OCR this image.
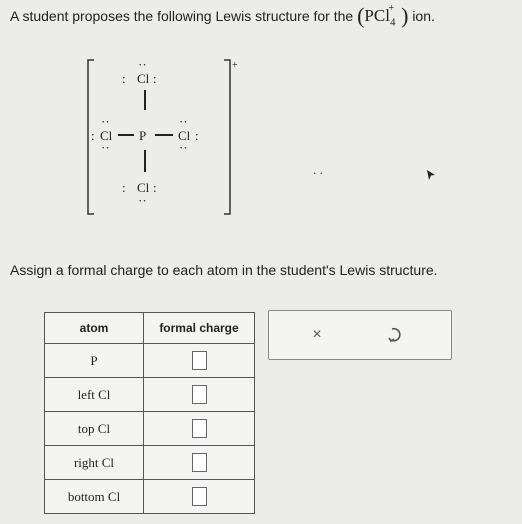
A student proposes the following Lewis structure for the (PCl$_4$+ ) ion.
+
: Cl :
··
: Cl
··
··
P Cl :
··
··
: Cl :
··
. .
Assign a formal charge to each atom in the student's Lewis structure.
atom	formal charge
P	
left Cl	
top Cl	
right Cl	
bottom Cl	
×
